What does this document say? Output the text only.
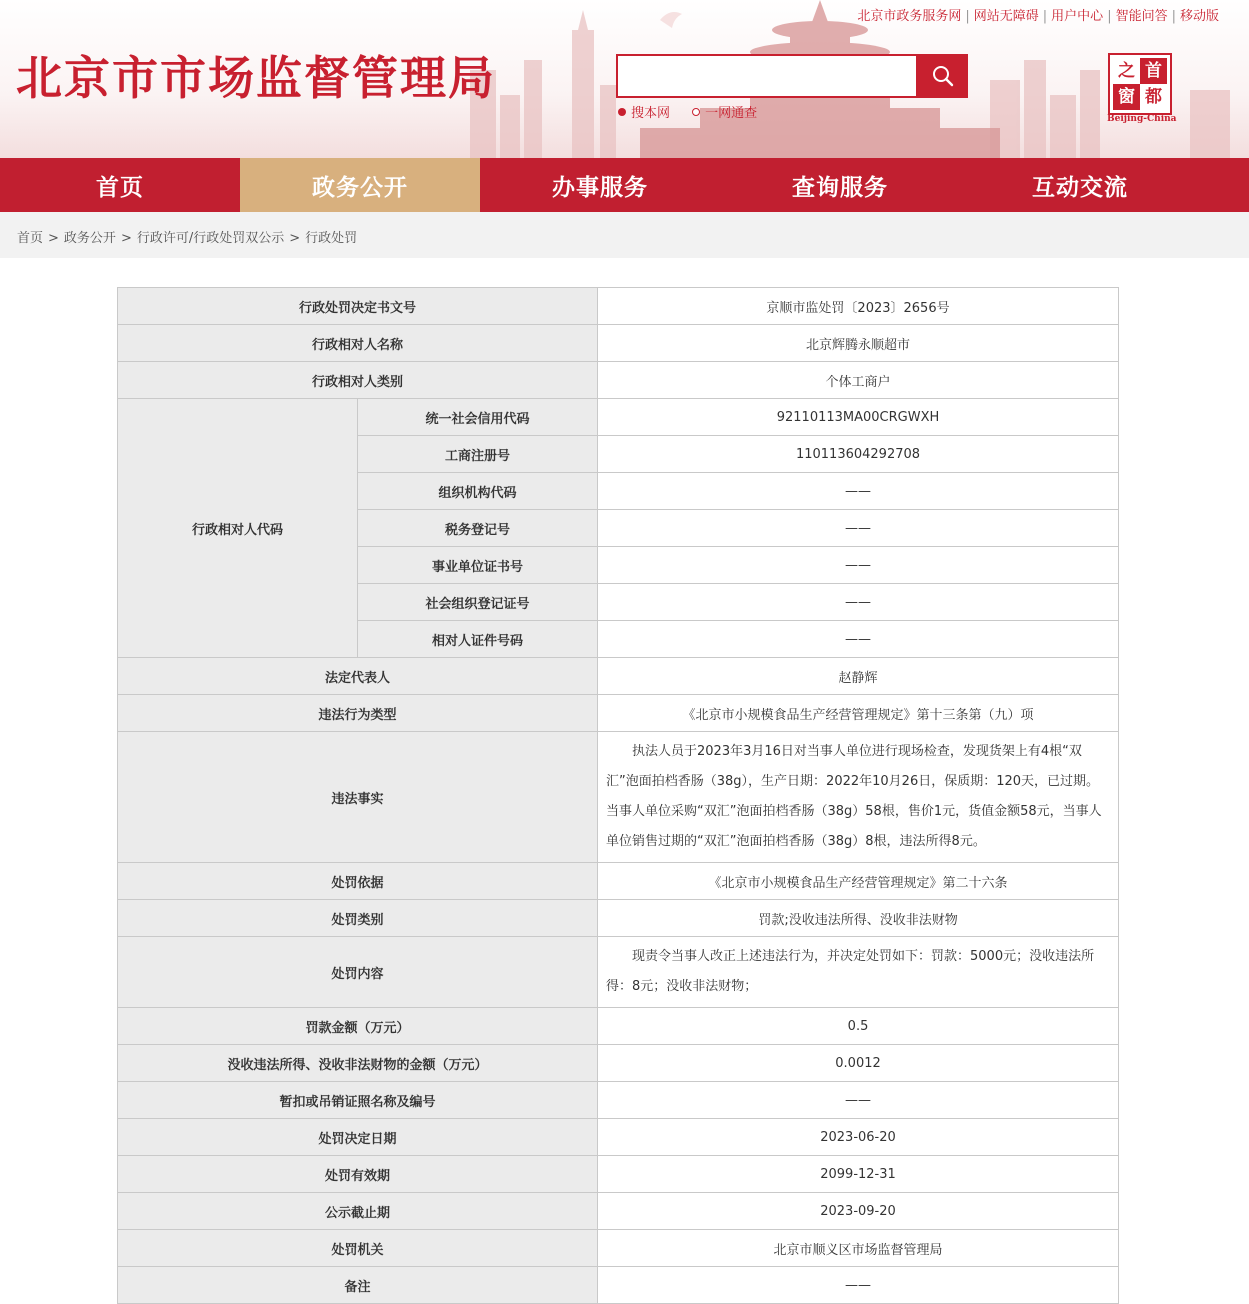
北京市市场监督管理局
北京市政务服务网 | 网站无障碍 | 用户中心 | 智能问答 | 移动版
搜本网
	一网通查
之 首
窗 都
Beijing-China
首页	政务公开	办事服务	查询服务	互动交流
首页 > 政务公开 > 行政许可/行政处罚双公示 > 行政处罚
行政处罚决定书文号		京顺市监处罚〔2023〕2656号
行政相对人名称		北京辉腾永顺超市
行政相对人类别		个体工商户
行政相对人代码	统一社会信用代码	92110113MA00CRGWXH
	工商注册号	110113604292708
	组织机构代码	——
	税务登记号	——
	事业单位证书号	——
	社会组织登记证号	——
	相对人证件号码	——
法定代表人		赵静辉
违法行为类型		《北京市小规模食品生产经营管理规定》第十三条第（九）项
违法事实		执法人员于2023年3月16日对当事人单位进行现场检查，发现货架上有4根“双汇”泡面拍档香肠（38g），生产日期：2022年10月26日，保质期：120天，已过期。当事人单位采购“双汇”泡面拍档香肠（38g）58根，售价1元，货值金额58元，当事人单位销售过期的“双汇”泡面拍档香肠（38g）8根，违法所得8元。
处罚依据		《北京市小规模食品生产经营管理规定》第二十六条
处罚类别		罚款;没收违法所得、没收非法财物
处罚内容		现责令当事人改正上述违法行为，并决定处罚如下：罚款：5000元；没收违法所得：8元；没收非法财物；
罚款金额（万元）		0.5
没收违法所得、没收非法财物的金额（万元）		0.0012
暂扣或吊销证照名称及编号		——
处罚决定日期		2023-06-20
处罚有效期		2099-12-31
公示截止期		2023-09-20
处罚机关		北京市顺义区市场监督管理局
备注		——
